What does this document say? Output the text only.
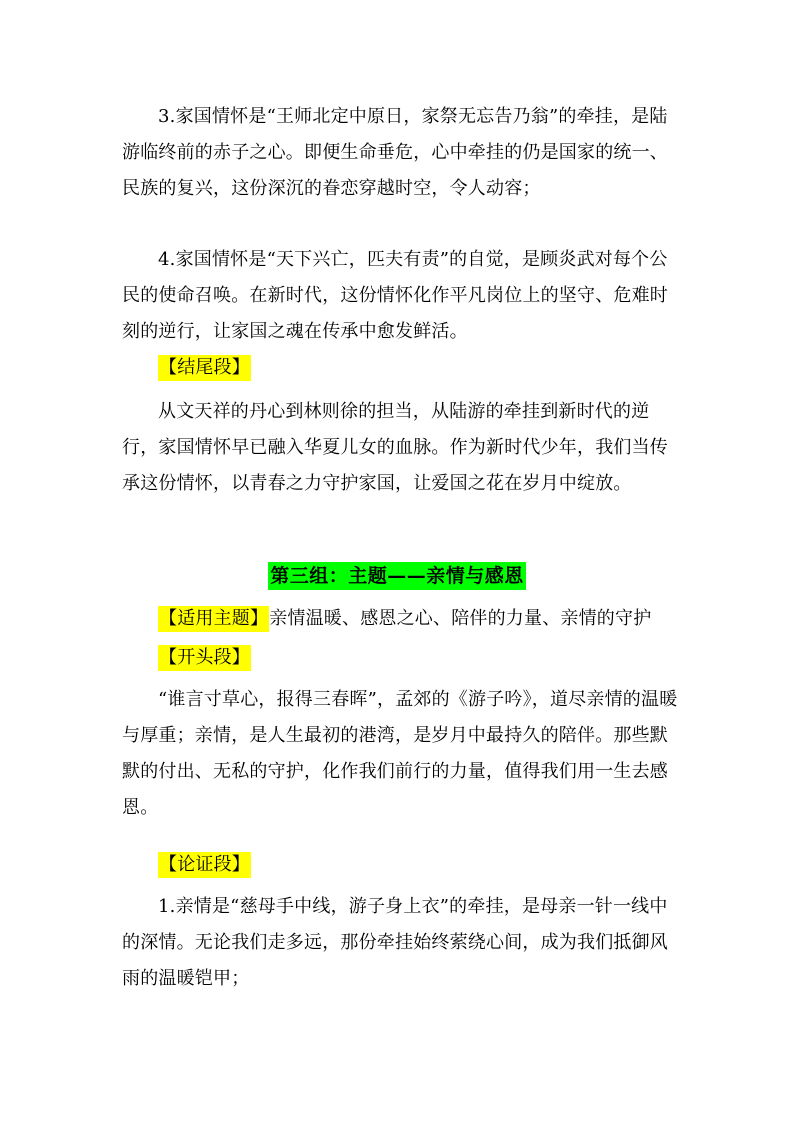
3.家国情怀是“王师北定中原日，家祭无忘告乃翁”的牵挂，是陆游临终前的赤子之心。即便生命垂危，心中牵挂的仍是国家的统一、民族的复兴，这份深沉的眷恋穿越时空，令人动容；

4.家国情怀是“天下兴亡，匹夫有责”的自觉，是顾炎武对每个公民的使命召唤。在新时代，这份情怀化作平凡岗位上的坚守、危难时刻的逆行，让家国之魂在传承中愈发鲜活。

【结尾段】

从文天祥的丹心到林则徐的担当，从陆游的牵挂到新时代的逆行，家国情怀早已融入华夏儿女的血脉。作为新时代少年，我们当传承这份情怀，以青春之力守护家国，让爱国之花在岁月中绽放。

第三组：主题——亲情与感恩
【适用主题】亲情温暖、感恩之心、陪伴的力量、亲情的守护
【开头段】

“谁言寸草心，报得三春晖”，孟郊的《游子吟》，道尽亲情的温暖与厚重；亲情，是人生最初的港湾，是岁月中最持久的陪伴。那些默默的付出、无私的守护，化作我们前行的力量，值得我们用一生去感恩。

【论证段】

1.亲情是“慈母手中线，游子身上衣”的牵挂，是母亲一针一线中的深情。无论我们走多远，那份牵挂始终萦绕心间，成为我们抵御风雨的温暖铠甲；
